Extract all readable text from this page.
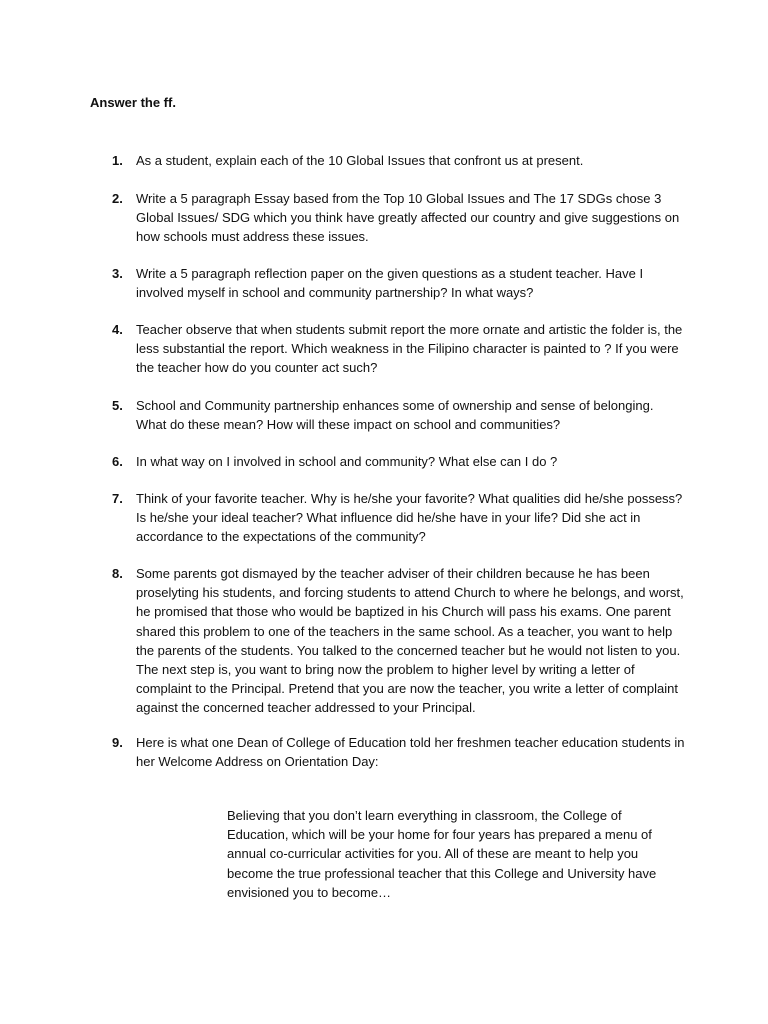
Answer the ff.
1. As a student, explain each of the 10 Global Issues that confront us at present.
2. Write a 5 paragraph Essay based from the Top 10 Global Issues and The 17 SDGs chose 3 Global Issues/ SDG which you think have greatly affected our country and give suggestions on how schools must address these issues.
3. Write a 5 paragraph reflection paper on the given questions as a student teacher. Have I involved myself in school and community partnership? In what ways?
4. Teacher observe that when students submit report the more ornate and artistic the folder is, the less substantial the report. Which weakness in the Filipino character is painted to ? If you were the teacher how do you counter act such?
5. School and Community partnership enhances some of ownership and sense of belonging. What do these mean? How will these impact on school and communities?
6. In what way on I involved in school and community? What else can I do ?
7. Think of your favorite teacher. Why is he/she your favorite? What qualities did he/she possess? Is he/she your ideal teacher? What influence did he/she have in your life? Did she act in accordance to the expectations of the community?
8. Some parents got dismayed by the teacher adviser of their children because he has been proselyting his students, and forcing students to attend Church to where he belongs, and worst, he promised that those who would be baptized in his Church will pass his exams. One parent shared this problem to one of the teachers in the same school. As a teacher, you want to help the parents of the students. You talked to the concerned teacher but he would not listen to you. The next step is, you want to bring now the problem to higher level by writing a letter of complaint to the Principal. Pretend that you are now the teacher, you write a letter of complaint against the concerned teacher addressed to your Principal.
9. Here is what one Dean of College of Education told her freshmen teacher education students in her Welcome Address on Orientation Day:
Believing that you don’t learn everything in classroom, the College of Education, which will be your home for four years has prepared a menu of annual co-curricular activities for you. All of these are meant to help you become the true professional teacher that this College and University have envisioned you to become…
